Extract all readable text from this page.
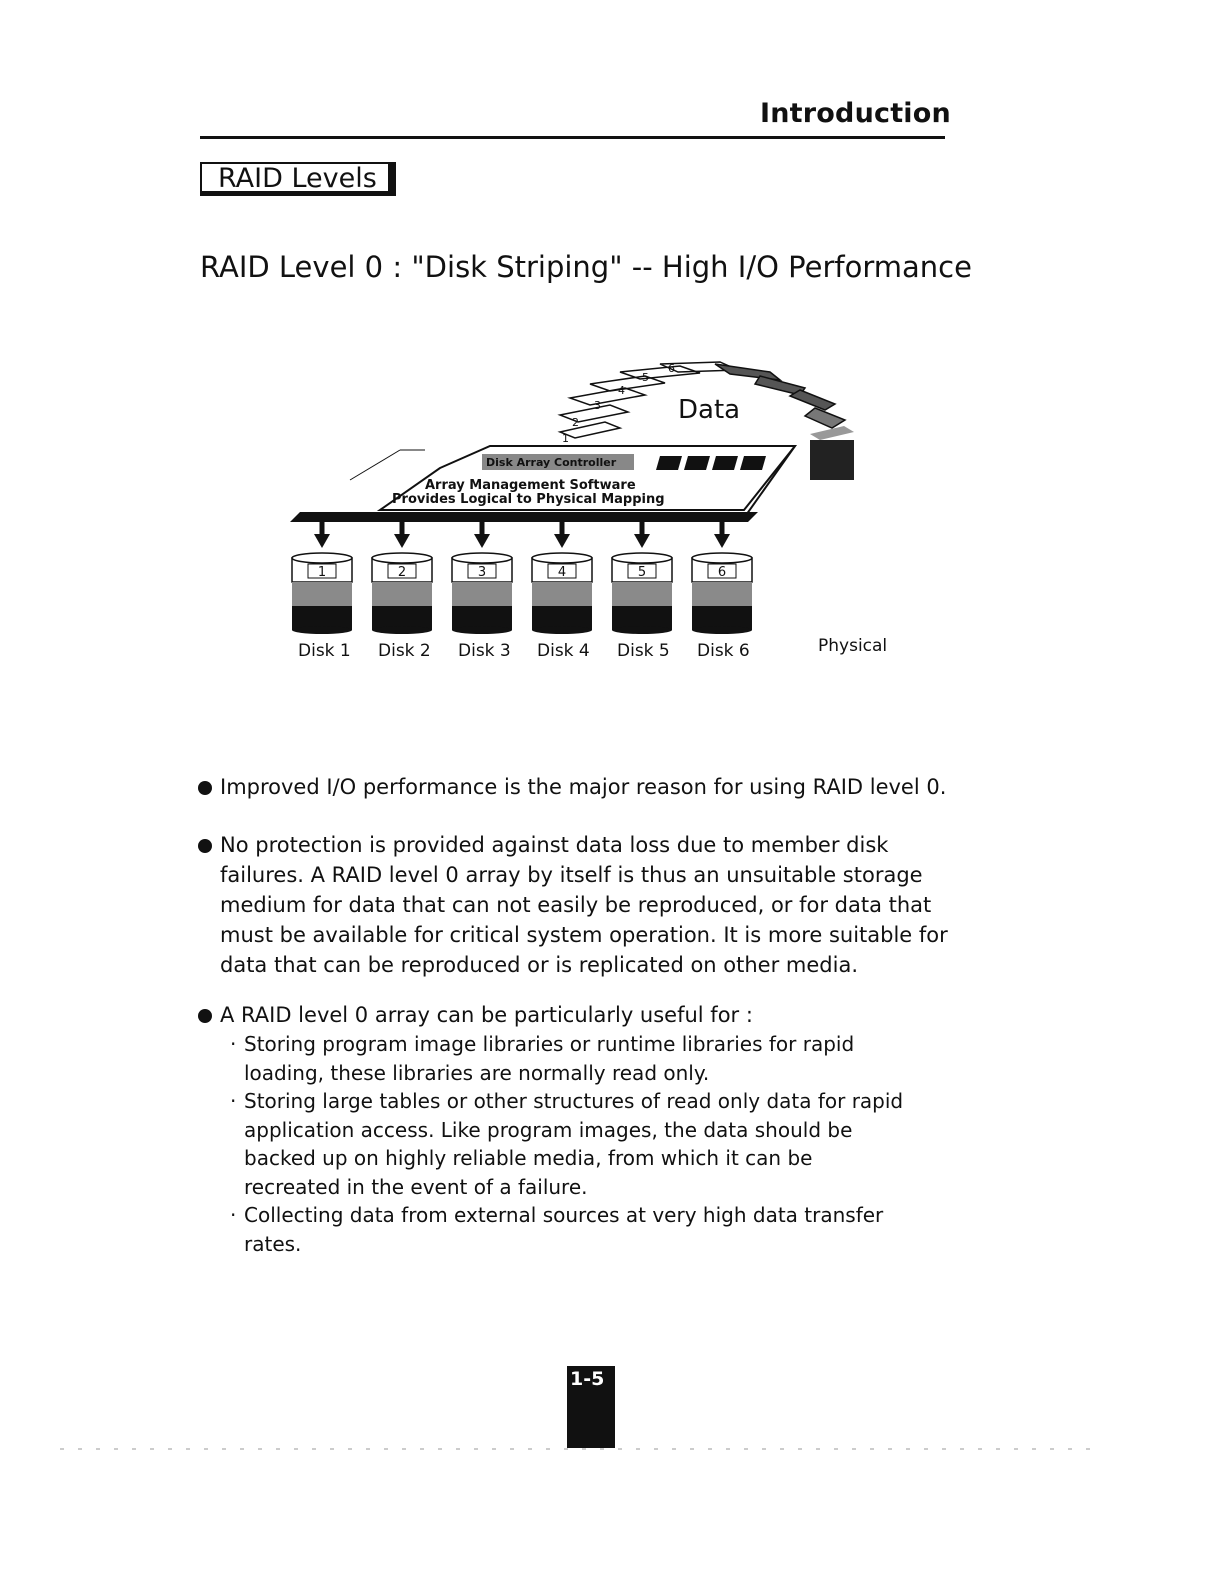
Introduction
RAID Levels
RAID Level 0 : "Disk Striping" -- High I/O Performance
1
2
3
4
5
6
Data
Disk Array Controller
Array Management Software
Provides Logical to Physical Mapping
1	2	3	4	5	6
Disk 1 Disk 2 Disk 3 Disk 4 Disk 5 Disk 6	Physical
Improved I/O performance is the major reason for using RAID level 0.
No protection is provided against data loss due to member disk
failures. A RAID level 0 array by itself is thus an unsuitable storage
medium for data that can not easily be reproduced, or for data that
must be available for critical system operation. It is more suitable for
data that can be reproduced or is replicated on other media.
A RAID level 0 array can be particularly useful for :
· Storing program image libraries or runtime libraries for rapid
loading, these libraries are normally read only.
· Storing large tables or other structures of read only data for rapid
application access. Like program images, the data should be
backed up on highly reliable media, from which it can be
recreated in the event of a failure.
· Collecting data from external sources at very high data transfer
rates.
1-5
